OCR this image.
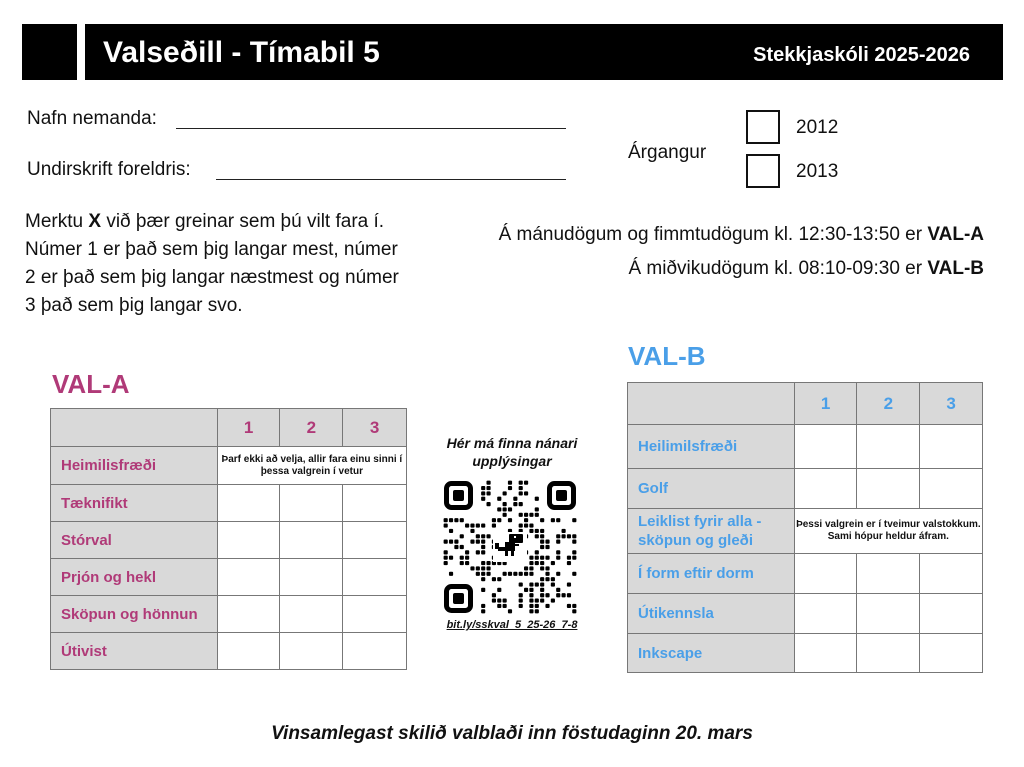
Valseðill - Tímabil 5	Stekkjaskóli 2025-2026
Nafn nemanda:
Undirskrift foreldris:
Árgangur
2012
2013
Merktu X við þær greinar sem þú vilt fara í. Númer 1 er það sem þig langar mest, númer 2 er það sem þig langar næstmest og númer 3 það sem þig langar svo.
Á mánudögum og fimmtudögum kl. 12:30-13:50 er VAL-A
Á miðvikudögum kl. 08:10-09:30 er VAL-B
VAL-A
	1	2	3
Heimilisfræði	Þarf ekki að velja, allir fara einu sinni í þessa valgrein í vetur		
Tæknifikt			
Stórval			
Prjón og hekl			
Sköpun og hönnun			
Útivist			
Hér má finna nánari upplýsingar
bit.ly/sskval_5_25-26_7-8
VAL-B
	1	2	3
Heilimilsfræði			
Golf			
Leiklist fyrir alla - sköpun og gleði	Þessi valgrein er í tveimur valstokkum. Sami hópur heldur áfram.		
Í form eftir dorm			
Útikennsla			
Inkscape			
Vinsamlegast skilið valblaði inn föstudaginn 20. mars
